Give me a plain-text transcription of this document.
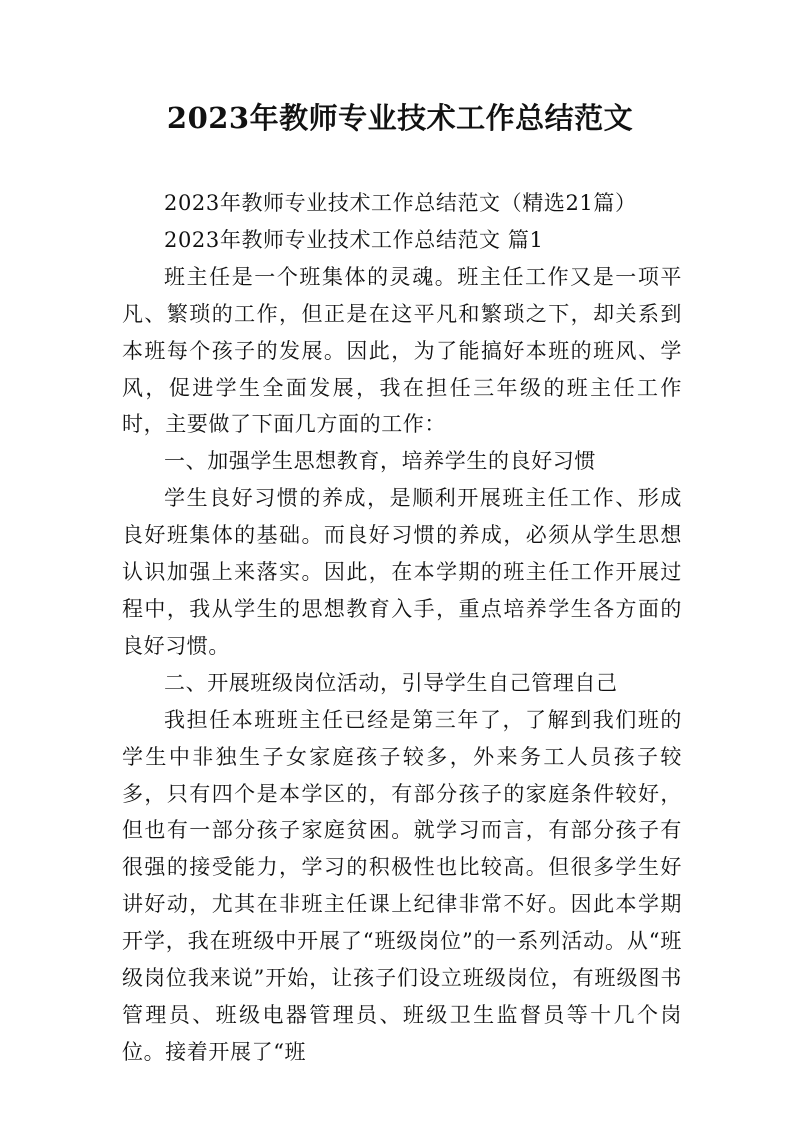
2023年教师专业技术工作总结范文

2023年教师专业技术工作总结范文（精选21篇）

2023年教师专业技术工作总结范文 篇1

班主任是一个班集体的灵魂。班主任工作又是一项平凡、繁琐的工作，但正是在这平凡和繁琐之下，却关系到本班每个孩子的发展。因此，为了能搞好本班的班风、学风，促进学生全面发展，我在担任三年级的班主任工作时，主要做了下面几方面的工作：

一、加强学生思想教育，培养学生的良好习惯

学生良好习惯的养成，是顺利开展班主任工作、形成良好班集体的基础。而良好习惯的养成，必须从学生思想认识加强上来落实。因此，在本学期的班主任工作开展过程中，我从学生的思想教育入手，重点培养学生各方面的良好习惯。

二、开展班级岗位活动，引导学生自己管理自己

我担任本班班主任已经是第三年了，了解到我们班的学生中非独生子女家庭孩子较多，外来务工人员孩子较多，只有四个是本学区的，有部分孩子的家庭条件较好，但也有一部分孩子家庭贫困。就学习而言，有部分孩子有很强的接受能力，学习的积极性也比较高。但很多学生好讲好动，尤其在非班主任课上纪律非常不好。因此本学期开学，我在班级中开展了“班级岗位”的一系列活动。从“班级岗位我来说”开始，让孩子们设立班级岗位，有班级图书管理员、班级电器管理员、班级卫生监督员等十几个岗位。接着开展了“班
